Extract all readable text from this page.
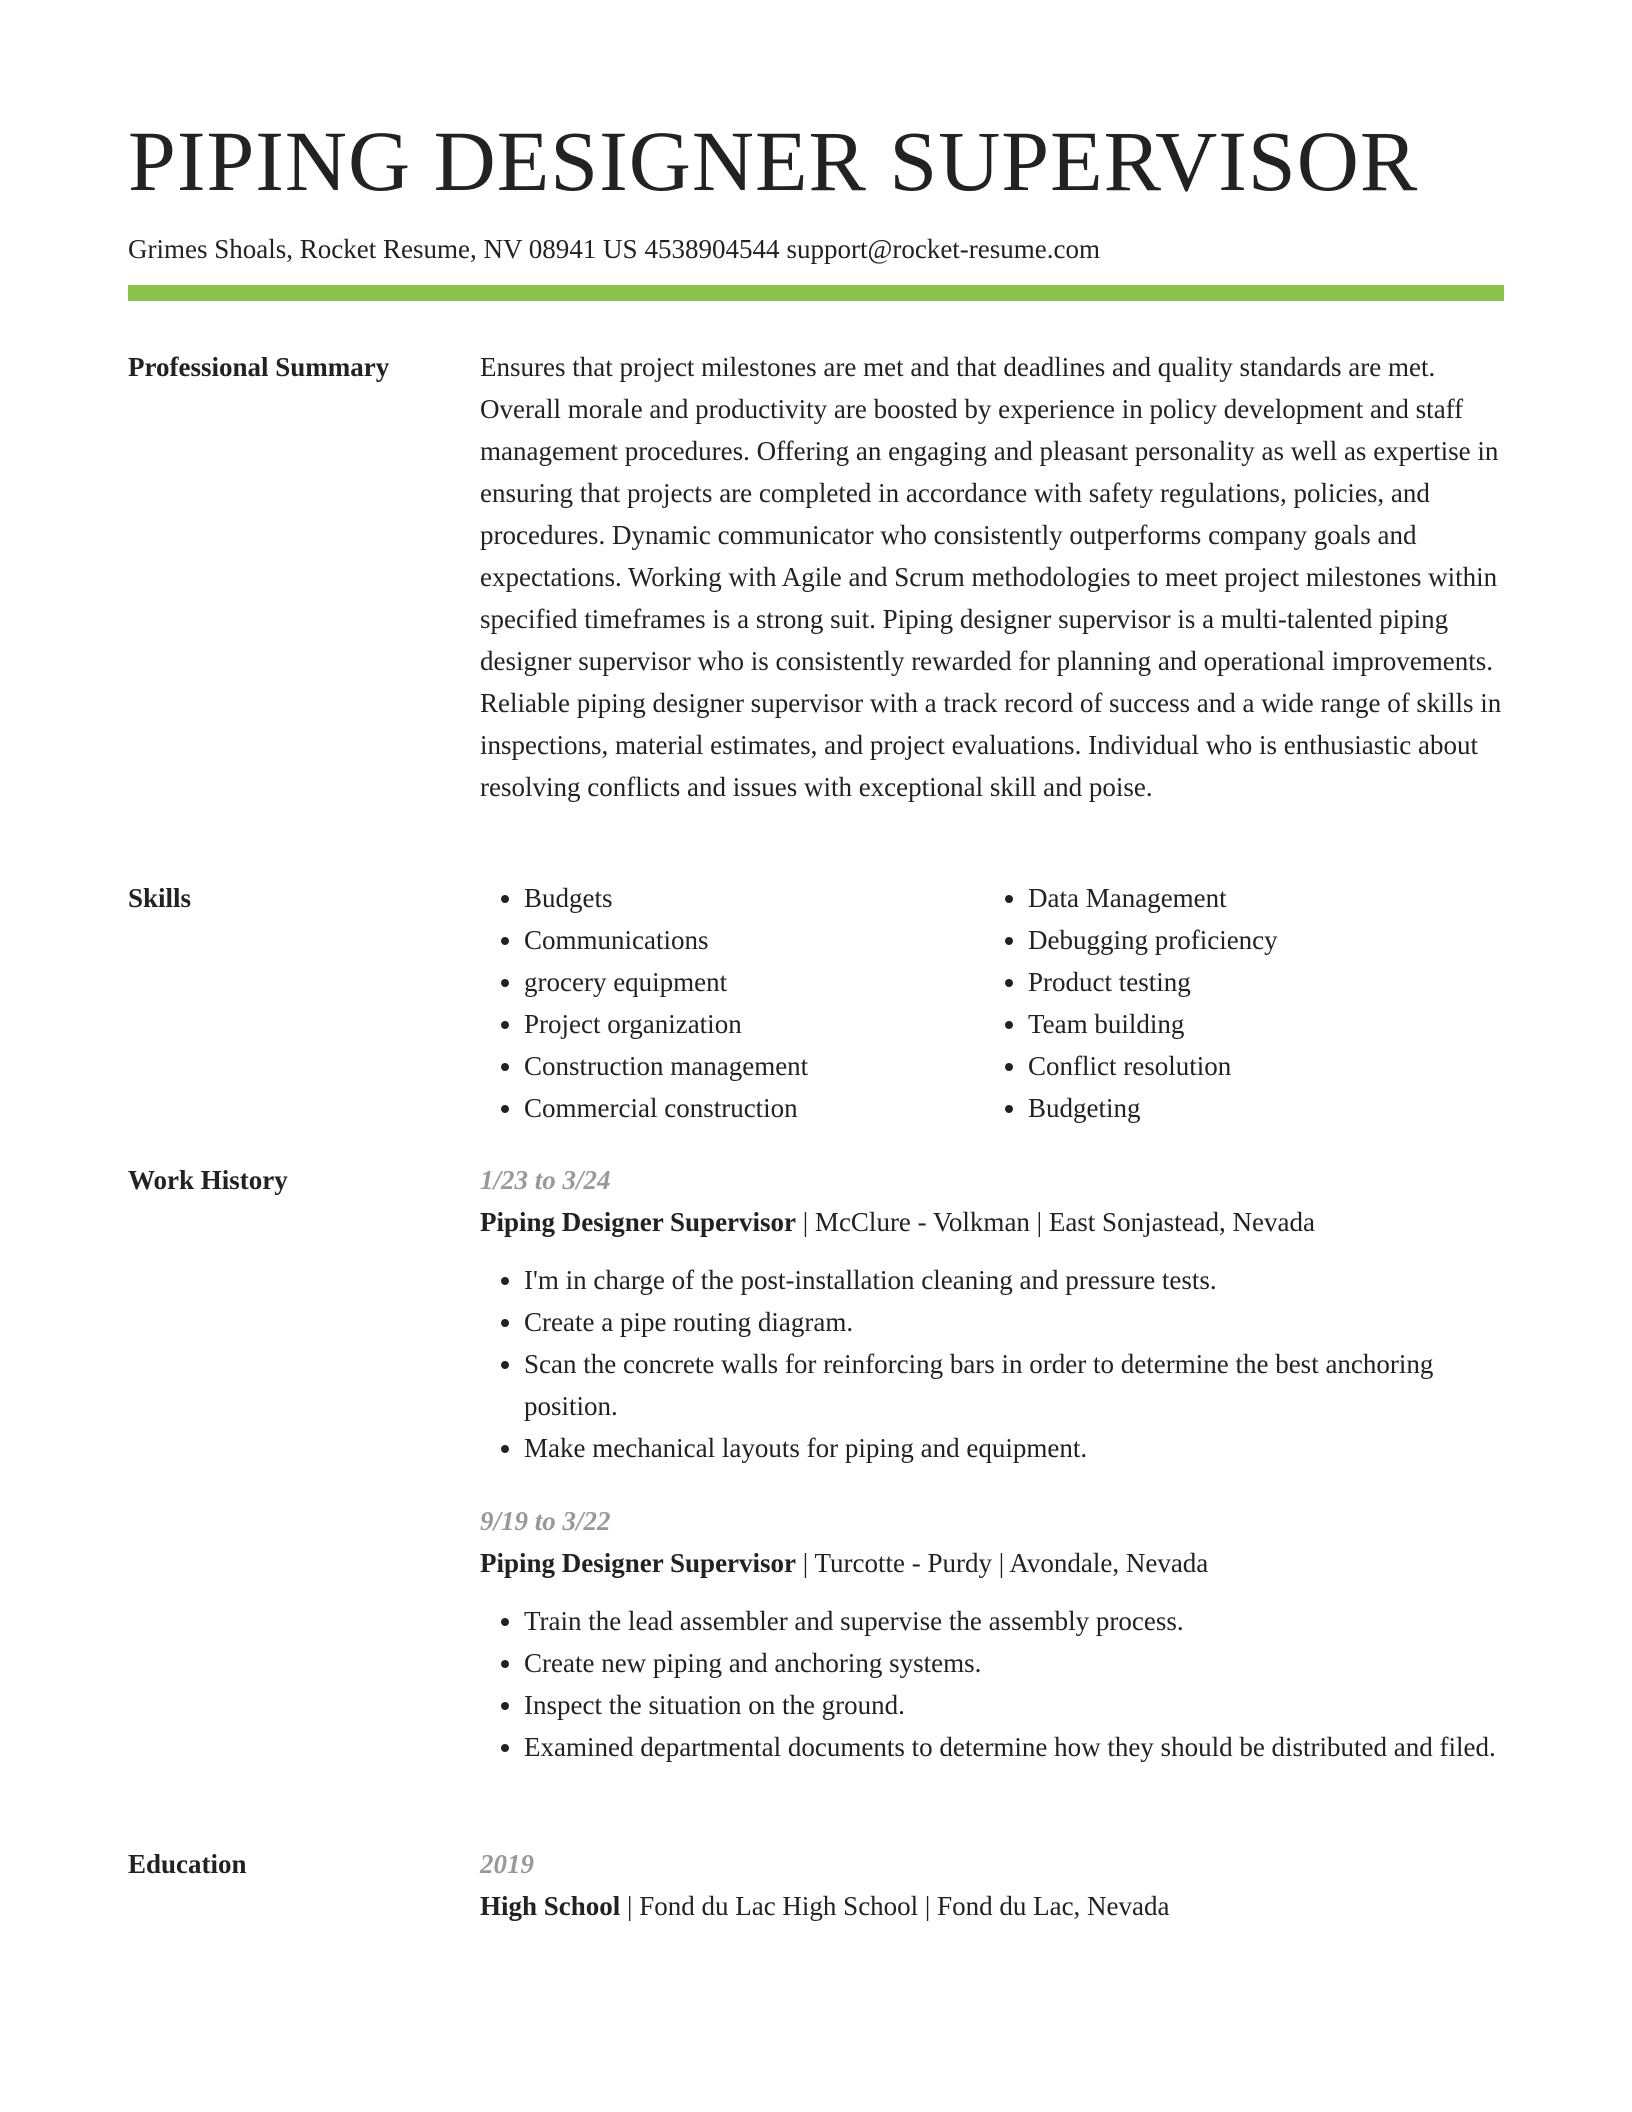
PIPING DESIGNER SUPERVISOR
Grimes Shoals, Rocket Resume, NV 08941 US 4538904544 support@rocket-resume.com
Professional Summary	Ensures that project milestones are met and that deadlines and quality standards are met. Overall morale and productivity are boosted by experience in policy development and staff management procedures. Offering an engaging and pleasant personality as well as expertise in ensuring that projects are completed in accordance with safety regulations, policies, and procedures. Dynamic communicator who consistently outperforms company goals and expectations. Working with Agile and Scrum methodologies to meet project milestones within specified timeframes is a strong suit. Piping designer supervisor is a multi-talented piping designer supervisor who is consistently rewarded for planning and operational improvements. Reliable piping designer supervisor with a track record of success and a wide range of skills in inspections, material estimates, and project evaluations. Individual who is enthusiastic about resolving conflicts and issues with exceptional skill and poise.

Skills
•	Budgets
• Communications
• grocery equipment
• Project organization
• Construction management
• Commercial construction
• Data Management
• Debugging proficiency
• Product testing
• Team building
• Conflict resolution
• Budgeting
Work History	1/23 to 3/24
Piping Designer Supervisor | McClure - Volkman | East Sonjastead, Nevada
• I'm in charge of the post-installation cleaning and pressure tests.
• Create a pipe routing diagram.
• Scan the concrete walls for reinforcing bars in order to determine the best anchoring position.
• Make mechanical layouts for piping and equipment.
9/19 to 3/22
Piping Designer Supervisor | Turcotte - Purdy | Avondale, Nevada
• Train the lead assembler and supervise the assembly process.
• Create new piping and anchoring systems.
• Inspect the situation on the ground.
• Examined departmental documents to determine how they should be distributed and filed.
Education	2019
High School | Fond du Lac High School | Fond du Lac, Nevada
